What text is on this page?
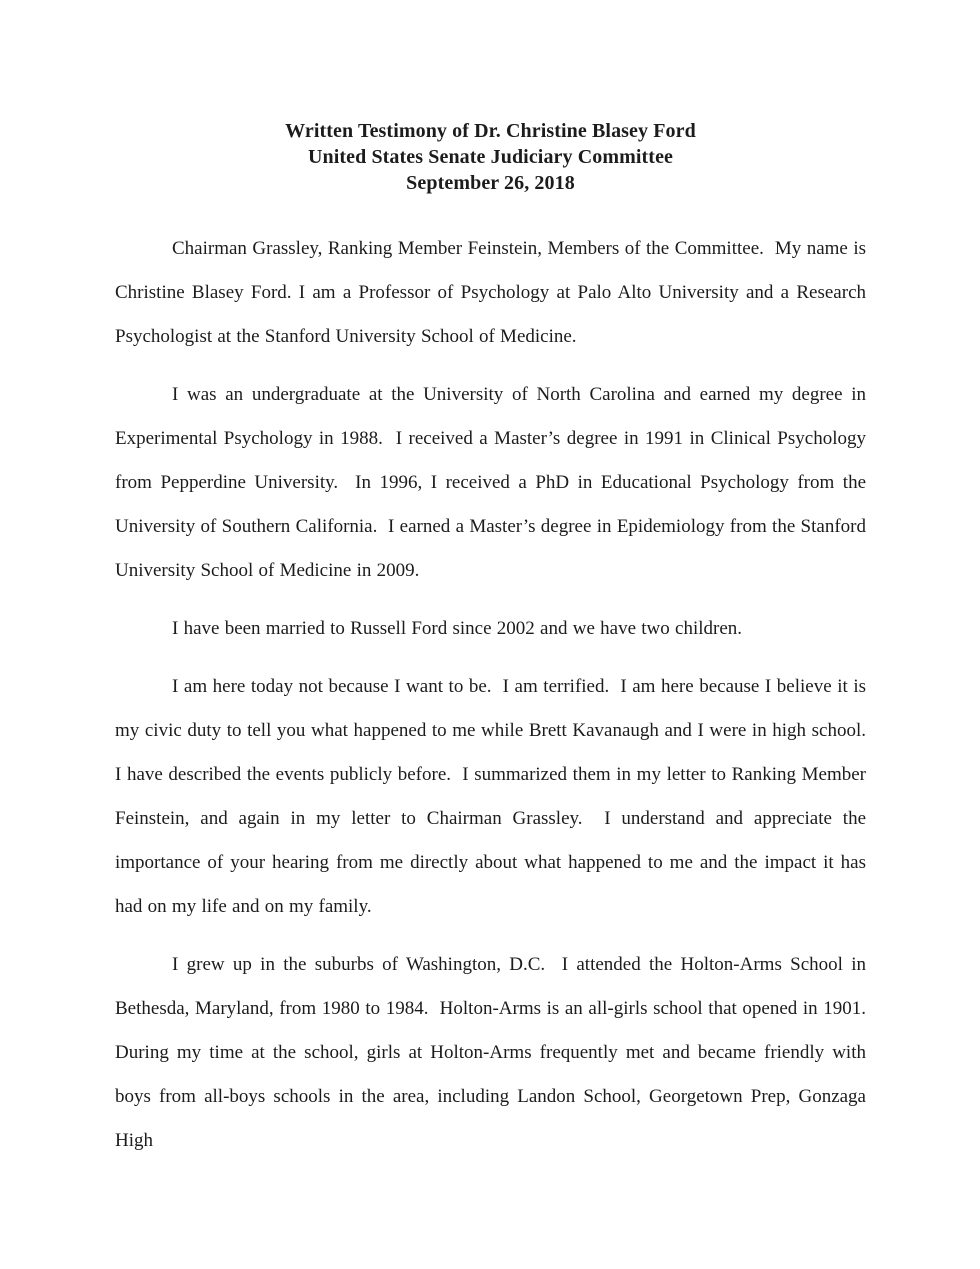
Written Testimony of Dr. Christine Blasey Ford
United States Senate Judiciary Committee
September 26, 2018

Chairman Grassley, Ranking Member Feinstein, Members of the Committee.  My name is Christine Blasey Ford. I am a Professor of Psychology at Palo Alto University and a Research Psychologist at the Stanford University School of Medicine.

I was an undergraduate at the University of North Carolina and earned my degree in Experimental Psychology in 1988.  I received a Master’s degree in 1991 in Clinical Psychology from Pepperdine University.  In 1996, I received a PhD in Educational Psychology from the University of Southern California.  I earned a Master’s degree in Epidemiology from the Stanford University School of Medicine in 2009.

I have been married to Russell Ford since 2002 and we have two children.

I am here today not because I want to be.  I am terrified.  I am here because I believe it is my civic duty to tell you what happened to me while Brett Kavanaugh and I were in high school.  I have described the events publicly before.  I summarized them in my letter to Ranking Member Feinstein, and again in my letter to Chairman Grassley.  I understand and appreciate the importance of your hearing from me directly about what happened to me and the impact it has had on my life and on my family.

I grew up in the suburbs of Washington, D.C.  I attended the Holton-Arms School in Bethesda, Maryland, from 1980 to 1984.  Holton-Arms is an all-girls school that opened in 1901.  During my time at the school, girls at Holton-Arms frequently met and became friendly with boys from all-boys schools in the area, including Landon School, Georgetown Prep, Gonzaga High
